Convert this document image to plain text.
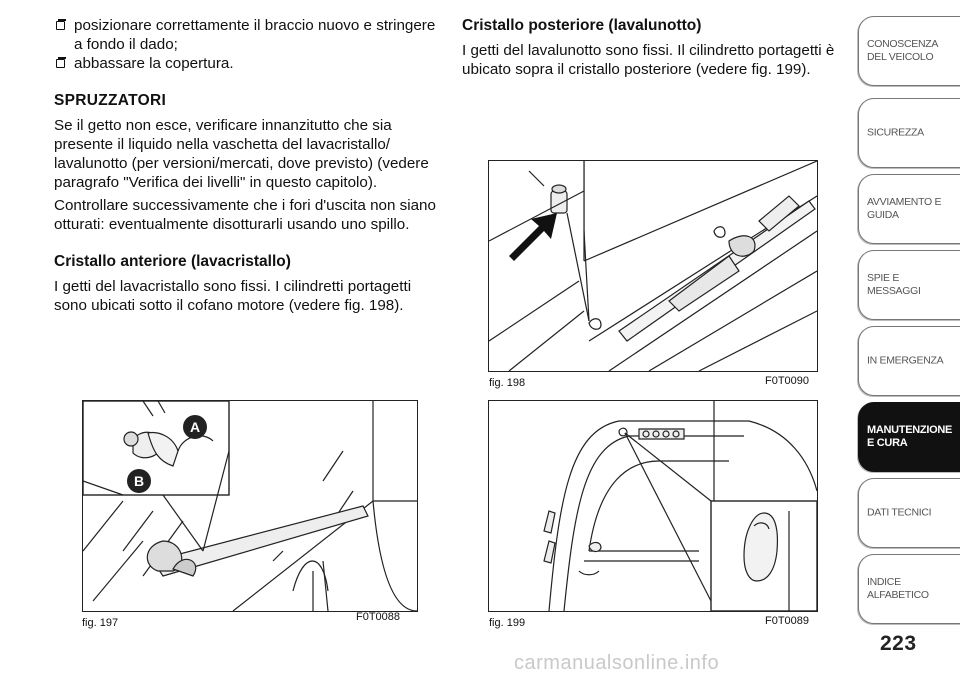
posizionare correttamente il braccio nuovo e stringere a fondo il dado;

abbassare la copertura.

SPRUZZATORI

Se il getto non esce, verificare innanzitutto che sia presente il liquido nella vaschetta del lavacristallo/ lavalunotto (per versioni/mercati, dove previsto) (vedere paragrafo "Verifica dei livelli" in questo capitolo).

Controllare successivamente che i fori d'uscita non siano otturati: eventualmente disotturarli usando uno spillo.

Cristallo anteriore (lavacristallo)

I getti del lavacristallo sono fissi. I cilindretti portagetti sono ubicati sotto il cofano motore (vedere fig. 198).

Cristallo posteriore (lavalunotto)

I getti del lavalunotto sono fissi. Il cilindretto portagetti è ubicato sopra il cristallo posteriore (vedere fig. 199).

A
B
fig. 197	F0T0088
fig. 198	F0T0090
fig. 199	F0T0089
CONOSCENZA DEL VEICOLO
SICUREZZA
AVVIAMENTO E GUIDA
SPIE E MESSAGGI
IN EMERGENZA
MANUTENZIONE E CURA
DATI TECNICI
INDICE ALFABETICO
223
carmanualsonline.info
